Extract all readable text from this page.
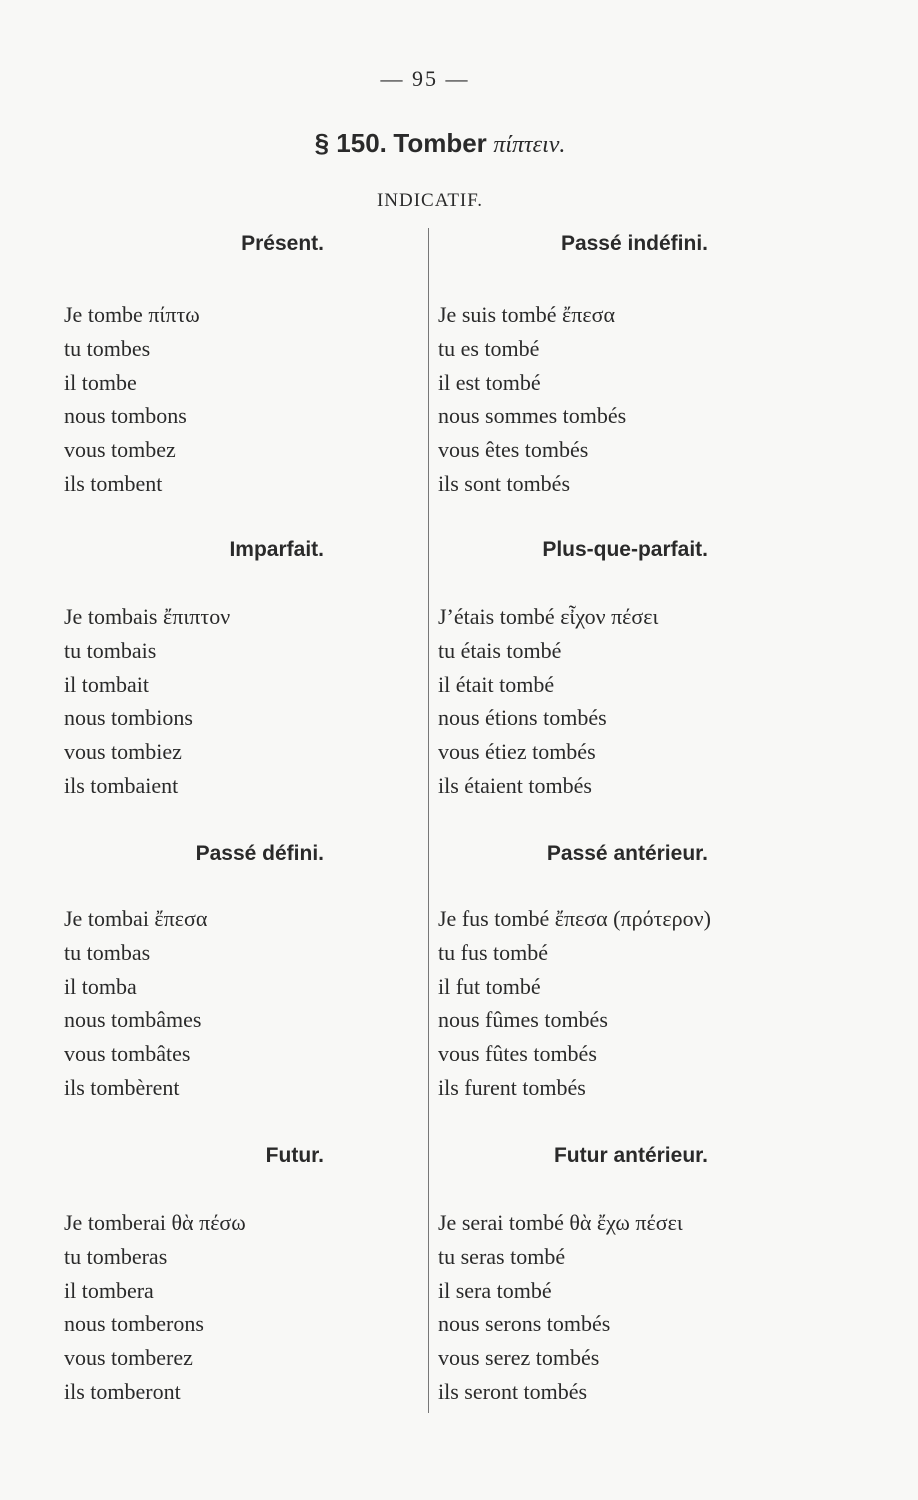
— 95 —
§ 150. Tomber πίπτειν.
INDICATIF.
Présent.
Je tombe πίπτω
tu tombes
il tombe
nous tombons
vous tombez
ils tombent
Imparfait.
Je tombais ἔπιπτον
tu tombais
il tombait
nous tombions
vous tombiez
ils tombaient
Passé défini.
Je tombai ἔπεσα
tu tombas
il tomba
nous tombâmes
vous tombâtes
ils tombèrent
Futur.
Je tomberai θὰ πέσω
tu tomberas
il tombera
nous tomberons
vous tomberez
ils tomberont
Passé indéfini.
Je suis tombé ἔπεσα
tu es tombé
il est tombé
nous sommes tombés
vous êtes tombés
ils sont tombés
Plus-que-parfait.
J’étais tombé εἶχον πέσει
tu étais tombé
il était tombé
nous étions tombés
vous étiez tombés
ils étaient tombés
Passé antérieur.
Je fus tombé ἔπεσα (πρότερον)
tu fus tombé
il fut tombé
nous fûmes tombés
vous fûtes tombés
ils furent tombés
Futur antérieur.
Je serai tombé θὰ ἔχω πέσει
tu seras tombé
il sera tombé
nous serons tombés
vous serez tombés
ils seront tombés
